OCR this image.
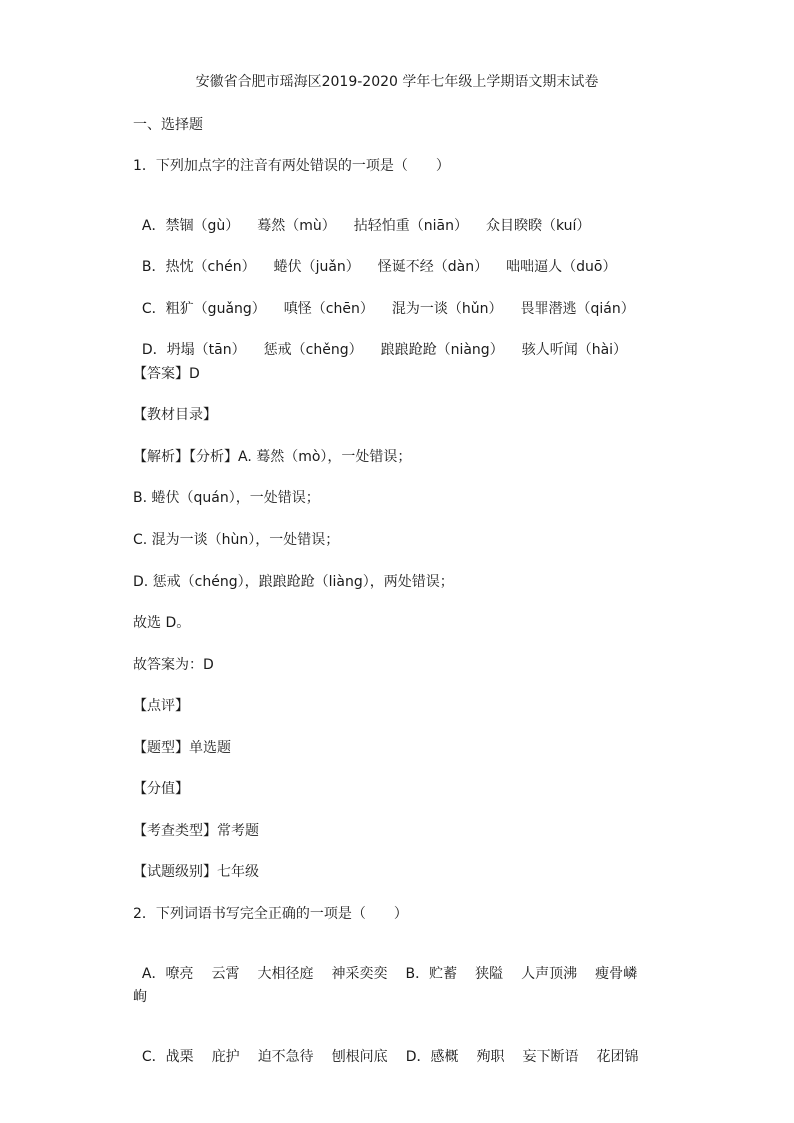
安徽省合肥市瑶海区2019-2020 学年七年级上学期语文期末试卷
一、选择题
1．下列加点字的注音有两处错误的一项是（　　）

A．禁锢（gù） 蓦然（mù） 拈轻怕重（niān） 众目睽睽（kuí）

B．热忱（chén） 蜷伏（juǎn） 怪诞不经（dàn） 咄咄逼人（duō）

C．粗犷（guǎng） 嗔怪（chēn） 混为一谈（hǔn） 畏罪潜逃（qián）

D．坍塌（tān） 惩戒（chěng） 踉踉跄跄（niàng） 骇人听闻（hài）

【答案】D
【教材目录】
【解析】【分析】A. 蓦然（mò），一处错误；
B. 蜷伏（quán），一处错误；
C. 混为一谈（hùn），一处错误；
D. 惩戒（chéng），踉踉跄跄（liàng），两处错误；
故选 D。
故答案为：D
【点评】
【题型】单选题
【分值】
【考查类型】常考题
【试题级别】七年级
2．下列词语书写完全正确的一项是（　　）

A．嘹亮 云霄 大相径庭 神采奕奕 B．贮蓄 狭隘 人声顶沸 瘦骨嶙

峋

C．战栗 庇护 迫不急待 刨根问底 D．感概 殉职 妄下断语 花团锦
